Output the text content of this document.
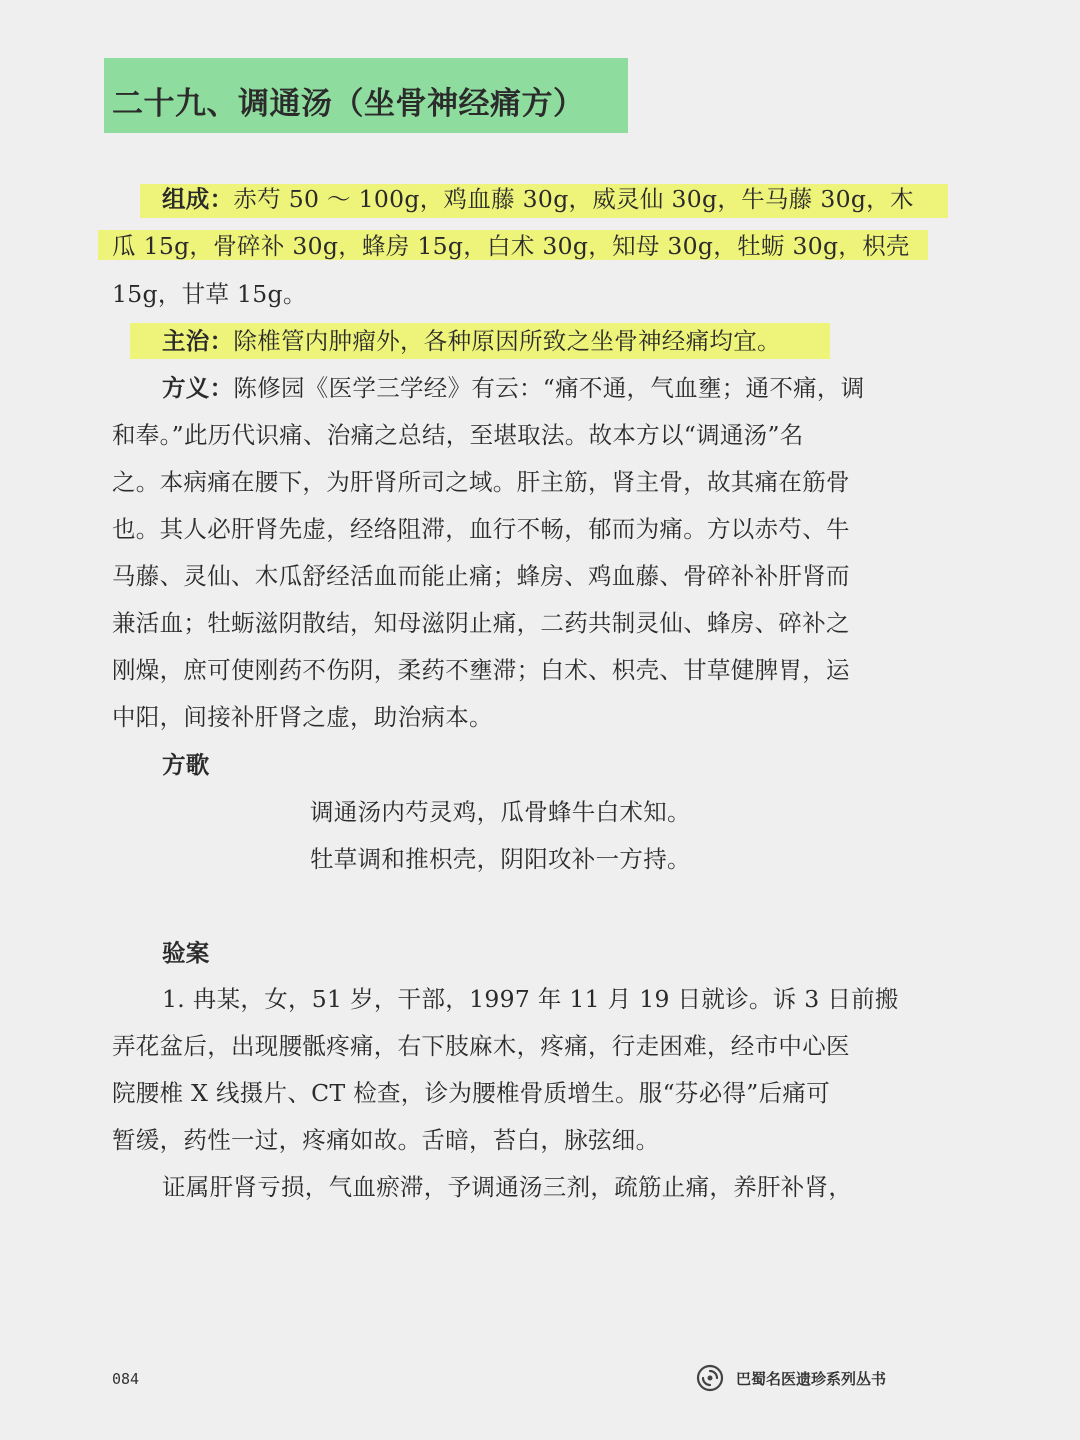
二十九、调通汤（坐骨神经痛方）
组成：赤芍 50 ～ 100g，鸡血藤 30g，威灵仙 30g，牛马藤 30g，木
瓜 15g，骨碎补 30g，蜂房 15g，白术 30g，知母 30g，牡蛎 30g，枳壳
15g，甘草 15g。
主治：除椎管内肿瘤外，各种原因所致之坐骨神经痛均宜。
方义：陈修园《医学三学经》有云：“痛不通，气血壅；通不痛，调
和奉。”此历代识痛、治痛之总结，至堪取法。故本方以“调通汤”名
之。本病痛在腰下，为肝肾所司之域。肝主筋，肾主骨，故其痛在筋骨
也。其人必肝肾先虚，经络阻滞，血行不畅，郁而为痛。方以赤芍、牛
马藤、灵仙、木瓜舒经活血而能止痛；蜂房、鸡血藤、骨碎补补肝肾而
兼活血；牡蛎滋阴散结，知母滋阴止痛，二药共制灵仙、蜂房、碎补之
刚燥，庶可使刚药不伤阴，柔药不壅滞；白术、枳壳、甘草健脾胃，运
中阳，间接补肝肾之虚，助治病本。
方歌
调通汤内芍灵鸡，瓜骨蜂牛白术知。
牡草调和推枳壳，阴阳攻补一方持。
验案
1. 冉某，女，51 岁，干部，1997 年 11 月 19 日就诊。诉 3 日前搬
弄花盆后，出现腰骶疼痛，右下肢麻木，疼痛，行走困难，经市中心医
院腰椎 X 线摄片、CT 检查，诊为腰椎骨质增生。服“芬必得”后痛可
暂缓，药性一过，疼痛如故。舌暗，苔白，脉弦细。
证属肝肾亏损，气血瘀滞，予调通汤三剂，疏筋止痛，养肝补肾，
084	巴蜀名医遗珍系列丛书
